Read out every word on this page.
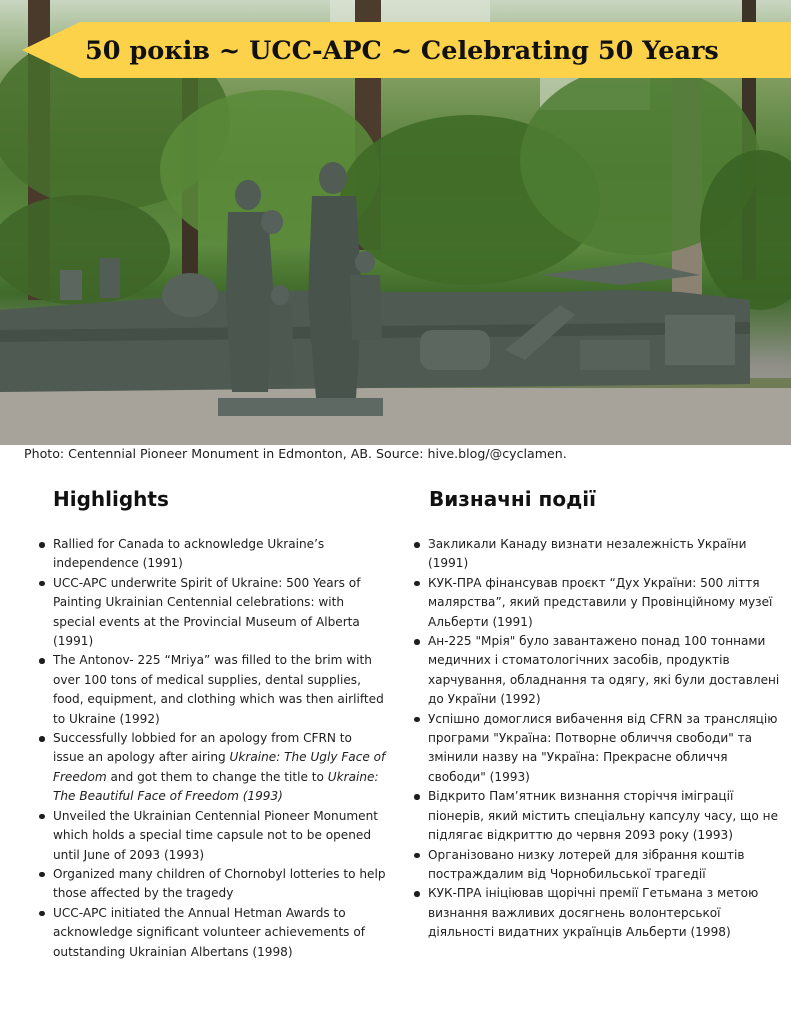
50 років ~ UCC-APC ~ Celebrating 50 Years
Photo: Centennial Pioneer Monument in Edmonton, AB. Source: hive.blog/@cyclamen.
Highlights	Визначні події
Rallied for Canada to acknowledge Ukraine’s independence (1991)
UCC-APC underwrite Spirit of Ukraine: 500 Years of Painting Ukrainian Centennial celebrations: with special events at the Provincial Museum of Alberta (1991)
The Antonov- 225 “Mriya” was filled to the brim with over 100 tons of medical supplies, dental supplies, food, equipment, and clothing which was then airlifted to Ukraine (1992)
Successfully lobbied for an apology from CFRN to issue an apology after airing Ukraine: The Ugly Face of Freedom and got them to change the title to Ukraine: The Beautiful Face of Freedom (1993)
Unveiled the Ukrainian Centennial Pioneer Monument which holds a special time capsule not to be opened until June of 2093 (1993)
Organized many children of Chornobyl lotteries to help those affected by the tragedy
UCC-APC initiated the Annual Hetman Awards to acknowledge significant volunteer achievements of outstanding Ukrainian Albertans (1998)
Закликали Канаду визнати незалежність України (1991)
КУК-ПРА фінансував проєкт “Дух України: 500 ліття малярства”, який представили у Провінційному музеї Альберти (1991)
Ан-225 "Мрія" було завантажено понад 100 тоннами медичних і стоматологічних засобів, продуктів харчування, обладнання та одягу, які були доставлені до України (1992)
Успішно домоглися вибачення від CFRN за трансляцію програми "Україна: Потворне обличчя свободи" та змінили назву на "Україна: Прекрасне обличчя свободи" (1993)
Відкрито Пам’ятник визнання сторіччя іміграції піонерів, який містить спеціальну капсулу часу, що не підлягає відкриттю до червня 2093 року (1993)
Організовано низку лотерей для зібрання коштів постраждалим від Чорнобильської трагедії
КУК-ПРА ініціював щорічні премії Гетьмана з метою визнання важливих досягнень волонтерської діяльності видатних українців Альберти (1998)
